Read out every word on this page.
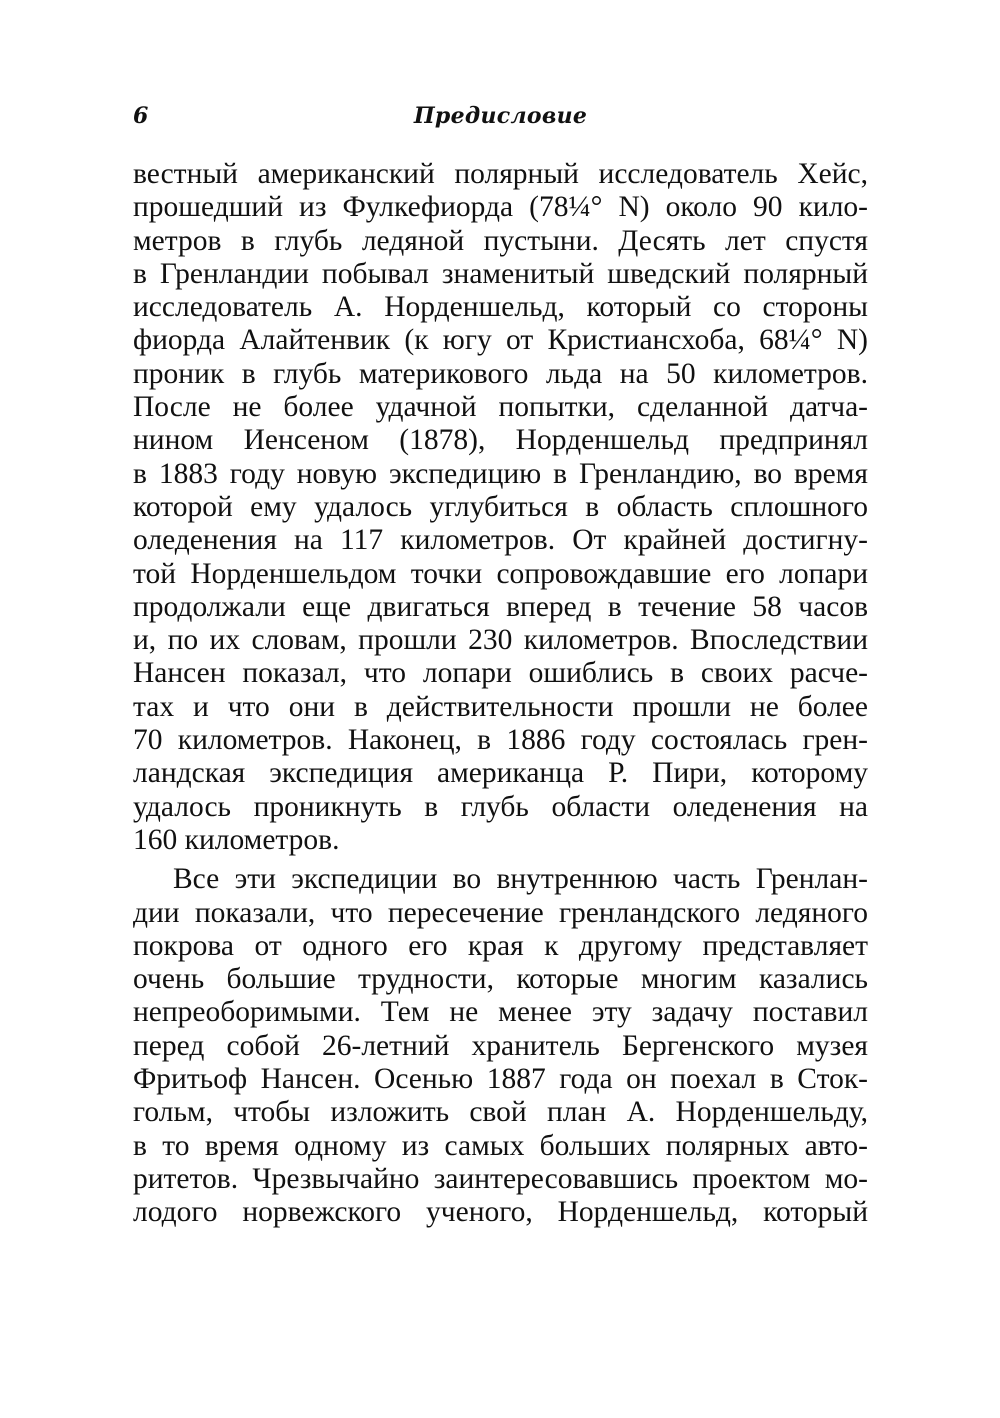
6	Предисловие
вестный американский полярный исследователь Хейс,
прошедший из Фулкефиорда (78¼° N) около 90 кило-
метров в глубь ледяной пустыни. Десять лет спустя
в Гренландии побывал знаменитый шведский полярный
исследователь А. Норденшельд, который со стороны
фиорда Алайтенвик (к югу от Кристиансхоба, 68¼° N)
проник в глубь материкового льда на 50 километров.
После не более удачной попытки, сделанной датча-
нином Иенсеном (1878), Норденшельд предпринял
в 1883 году новую экспедицию в Гренландию, во время
которой ему удалось углубиться в область сплошного
оледенения на 117 километров. От крайней достигну-
той Норденшельдом точки сопровождавшие его лопари
продолжали еще двигаться вперед в течение 58 часов
и, по их словам, прошли 230 километров. Впоследствии
Нансен показал, что лопари ошиблись в своих расче-
тах и что они в действительности прошли не более
70 километров. Наконец, в 1886 году состоялась грен-
ландская экспедиция американца Р. Пири, которому
удалось проникнуть в глубь области оледенения на
160 километров.
Все эти экспедиции во внутреннюю часть Гренлан-
дии показали, что пересечение гренландского ледяного
покрова от одного его края к другому представляет
очень большие трудности, которые многим казались
непреоборимыми. Тем не менее эту задачу поставил
перед собой 26-летний хранитель Бергенского музея
Фритьоф Нансен. Осенью 1887 года он поехал в Сток-
гольм, чтобы изложить свой план А. Норденшельду,
в то время одному из самых больших полярных авто-
ритетов. Чрезвычайно заинтересовавшись проектом мо-
лодого норвежского ученого, Норденшельд, который
